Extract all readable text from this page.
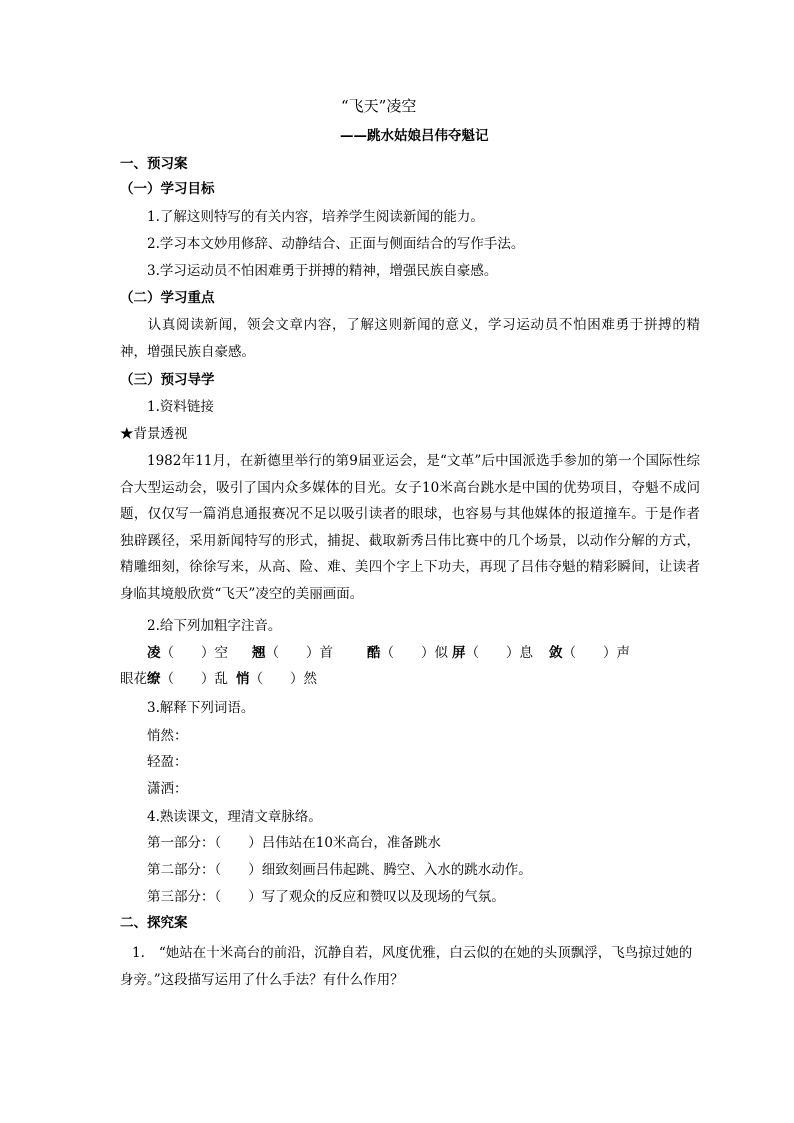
“飞天”凌空
——跳水姑娘吕伟夺魁记
一、预习案
（一）学习目标
1.了解这则特写的有关内容，培养学生阅读新闻的能力。
2.学习本文妙用修辞、动静结合、正面与侧面结合的写作手法。
3.学习运动员不怕困难勇于拼搏的精神，增强民族自豪感。
（二）学习重点

认真阅读新闻，领会文章内容，了解这则新闻的意义，学习运动员不怕困难勇于拼搏的精神，增强民族自豪感。

（三）预习导学
1.资料链接
★背景透视

1982年11月，在新德里举行的第9届亚运会，是“文革”后中国派选手参加的第一个国际性综合大型运动会，吸引了国内众多媒体的目光。女子10米高台跳水是中国的优势项目，夺魁不成问题，仅仅写一篇消息通报赛况不足以吸引读者的眼球，也容易与其他媒体的报道撞车。于是作者独辟蹊径，采用新闻特写的形式，捕捉、截取新秀吕伟比赛中的几个场景，以动作分解的方式，精雕细刻，徐徐写来，从高、险、难、美四个字上下功夫，再现了吕伟夺魁的精彩瞬间，让读者身临其境般欣赏“飞天”凌空的美丽画面。

2.给下列加粗字注音。
凌（　　）空 翘（　　）首	酷（　　）似 屏（　　）息 敛（　　）声
眼花缭（　　）乱 悄（　　）然
3.解释下列词语。
悄然：
轻盈：
潇洒：
4.熟读课文，理清文章脉络。
第一部分：（　　）吕伟站在10米高台，准备跳水
第二部分：（　　）细致刻画吕伟起跳、腾空、入水的跳水动作。
第三部分：（　　）写了观众的反应和赞叹以及现场的气氛。
二、探究案

1. “她站在十米高台的前沿，沉静自若，风度优雅，白云似的在她的头顶飘浮，飞鸟掠过她的身旁。”这段描写运用了什么手法？有什么作用？
